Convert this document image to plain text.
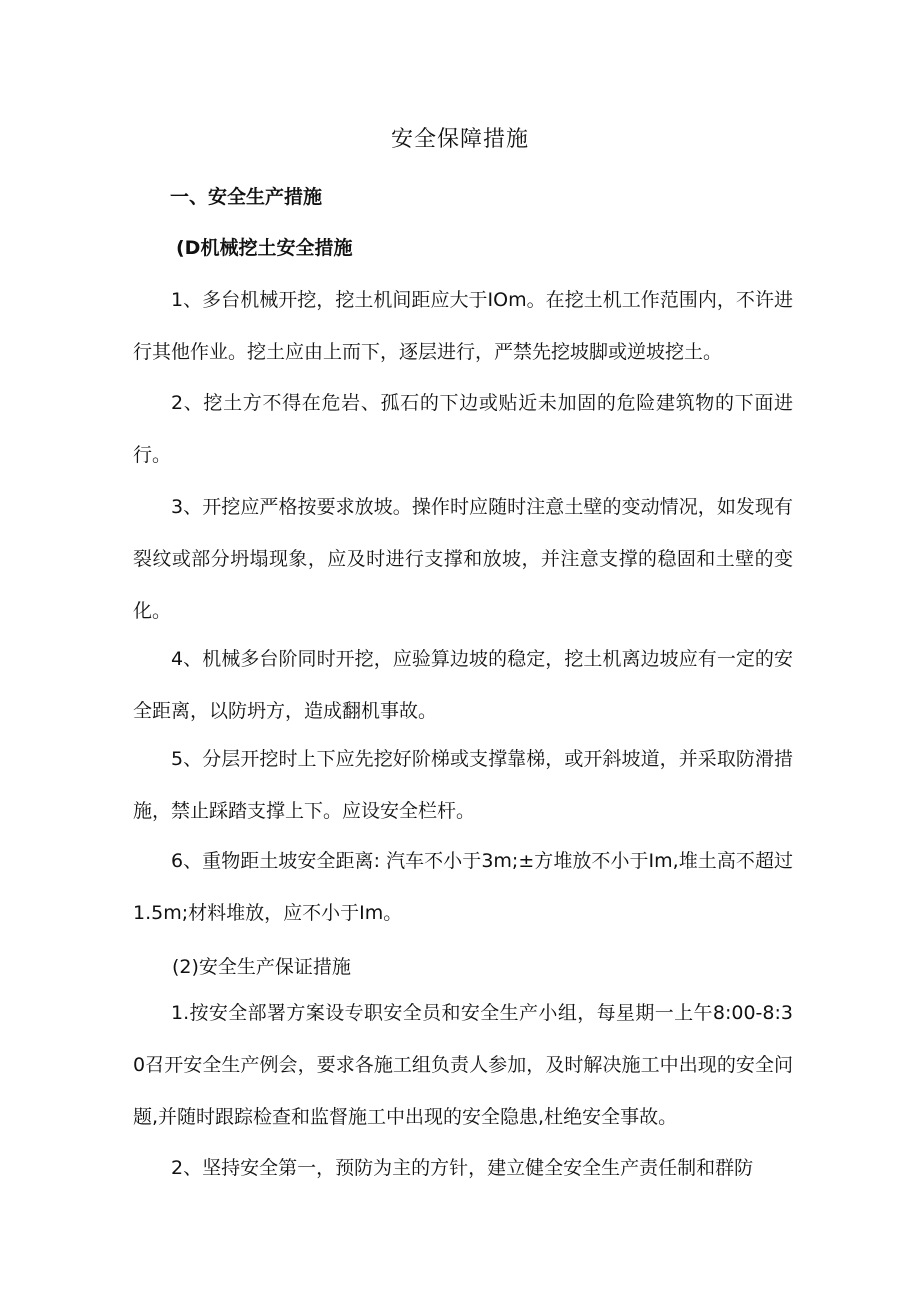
安全保障措施
一、安全生产措施
(D机械挖土安全措施
1、多台机械开挖，挖土机间距应大于IOm。在挖土机工作范围内，不许进行其他作业。挖土应由上而下，逐层进行，严禁先挖坡脚或逆坡挖土。
2、挖土方不得在危岩、孤石的下边或贴近未加固的危险建筑物的下面进行。
3、开挖应严格按要求放坡。操作时应随时注意土壁的变动情况，如发现有裂纹或部分坍塌现象，应及时进行支撑和放坡，并注意支撑的稳固和土壁的变化。
4、机械多台阶同时开挖，应验算边坡的稳定，挖土机离边坡应有一定的安全距离，以防坍方，造成翻机事故。
5、分层开挖时上下应先挖好阶梯或支撑靠梯，或开斜坡道，并采取防滑措施，禁止踩踏支撑上下。应设安全栏杆。
6、重物距土坡安全距离: 汽车不小于3m;±方堆放不小于Im,堆土高不超过1.5m;材料堆放，应不小于Im。
(2)安全生产保证措施
1.按安全部署方案设专职安全员和安全生产小组，每星期一上午8:00-8:30召开安全生产例会，要求各施工组负责人参加，及时解决施工中出现的安全问题,并随时跟踪检查和监督施工中出现的安全隐患,杜绝安全事故。
2、坚持安全第一，预防为主的方针，建立健全安全生产责任制和群防
